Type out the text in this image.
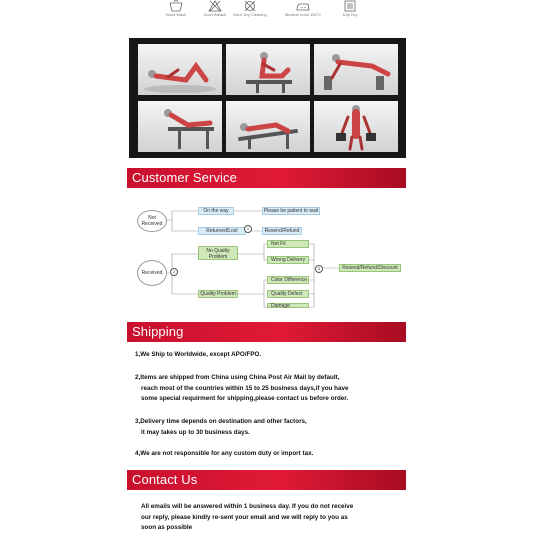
Hand Wash	Don't Bleach	Don't Dry Cleaning	Medium irons 150°C	Drip Dry
Customer Service
Not Received
On the way	Please be patient to wait
Returned/Lost	1	Resend/Refund
Received	2
No Quality Problem
Quality Problem
Not Fit
Wrong Delivery
Color Difference
Quality Defect
Damage
3	Resend/Refund/Discount
Shipping
1,We Ship to Worldwide, except APO/FPO.
2,Items are shipped from China using China Post Air Mail by default,
reach most of the countries within 15 to 25 business days,if you have
some special requirment for shipping,please contact us before order.
3,Delivery time depends on destination and other factors,
it may takes up to 30 business days.
4,We are not responsible for any custom duty or import tax.
Contact Us
All emails will be answered within 1 business day. If you do not receive
our reply, please kindly re-sent your email and we will reply to you as
soon as possible
